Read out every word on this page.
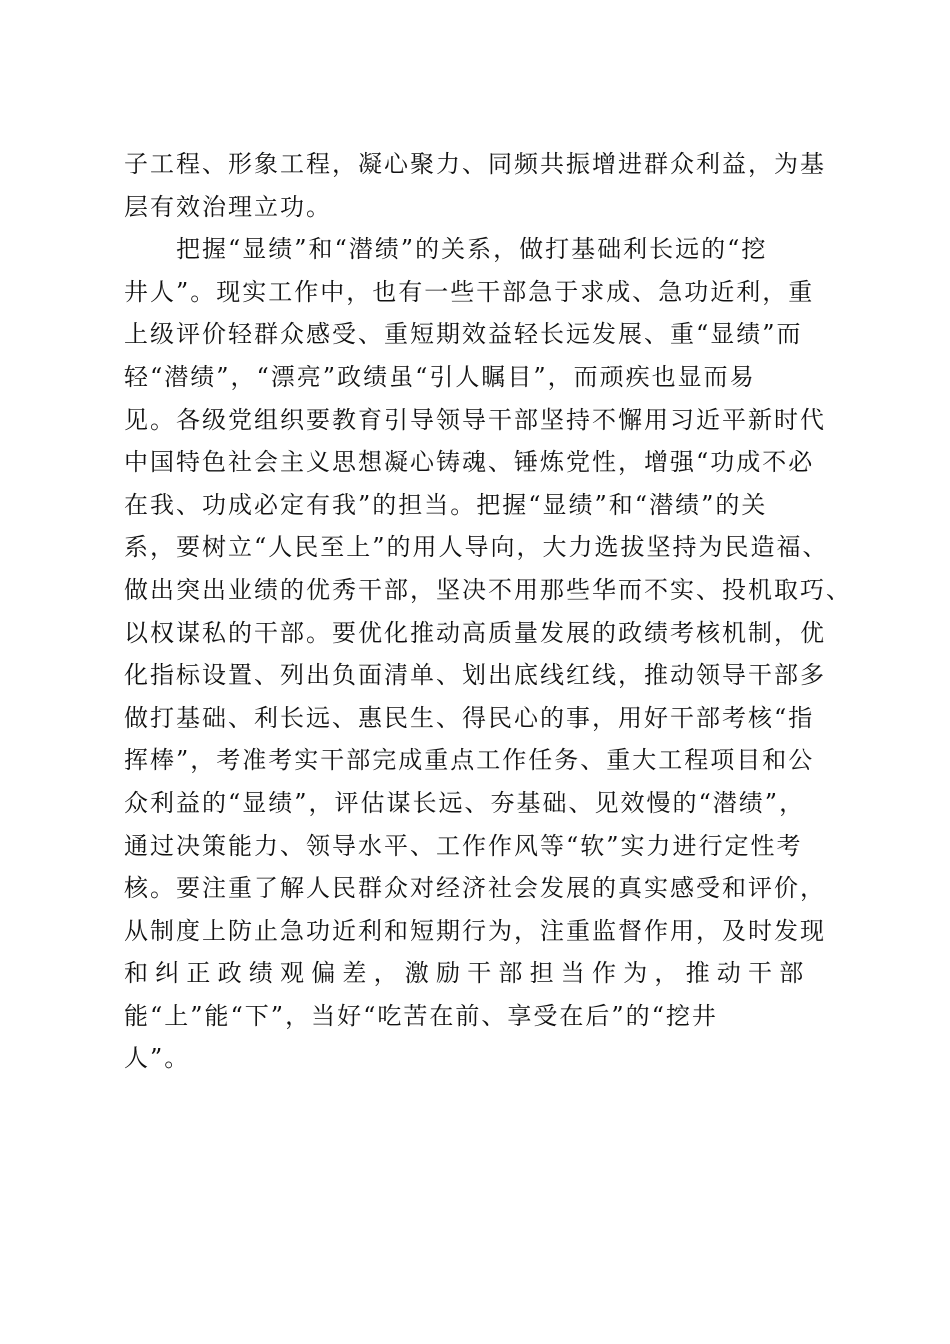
子工程、形象工程，凝心聚力、同频共振增进群众利益，为基
层有效治理立功。
把握“显绩”和“潜绩”的关系，做打基础利长远的“挖
井人”。现实工作中，也有一些干部急于求成、急功近利，重
上级评价轻群众感受、重短期效益轻长远发展、重“显绩”而
轻“潜绩”，“漂亮”政绩虽“引人瞩目”，而顽疾也显而易
见。各级党组织要教育引导领导干部坚持不懈用习近平新时代
中国特色社会主义思想凝心铸魂、锤炼党性，增强“功成不必
在我、功成必定有我”的担当。把握“显绩”和“潜绩”的关
系，要树立“人民至上”的用人导向，大力选拔坚持为民造福、
做出突出业绩的优秀干部，坚决不用那些华而不实、投机取巧、
以权谋私的干部。要优化推动高质量发展的政绩考核机制，优
化指标设置、列出负面清单、划出底线红线，推动领导干部多
做打基础、利长远、惠民生、得民心的事，用好干部考核“指
挥棒”，考准考实干部完成重点工作任务、重大工程项目和公
众利益的“显绩”，评估谋长远、夯基础、见效慢的“潜绩”，
通过决策能力、领导水平、工作作风等“软”实力进行定性考
核。要注重了解人民群众对经济社会发展的真实感受和评价，
从制度上防止急功近利和短期行为，注重监督作用，及时发现
和纠正政绩观偏差，激励干部担当作为，推动干部
能“上”能“下”，当好“吃苦在前、享受在后”的“挖井
人”。
